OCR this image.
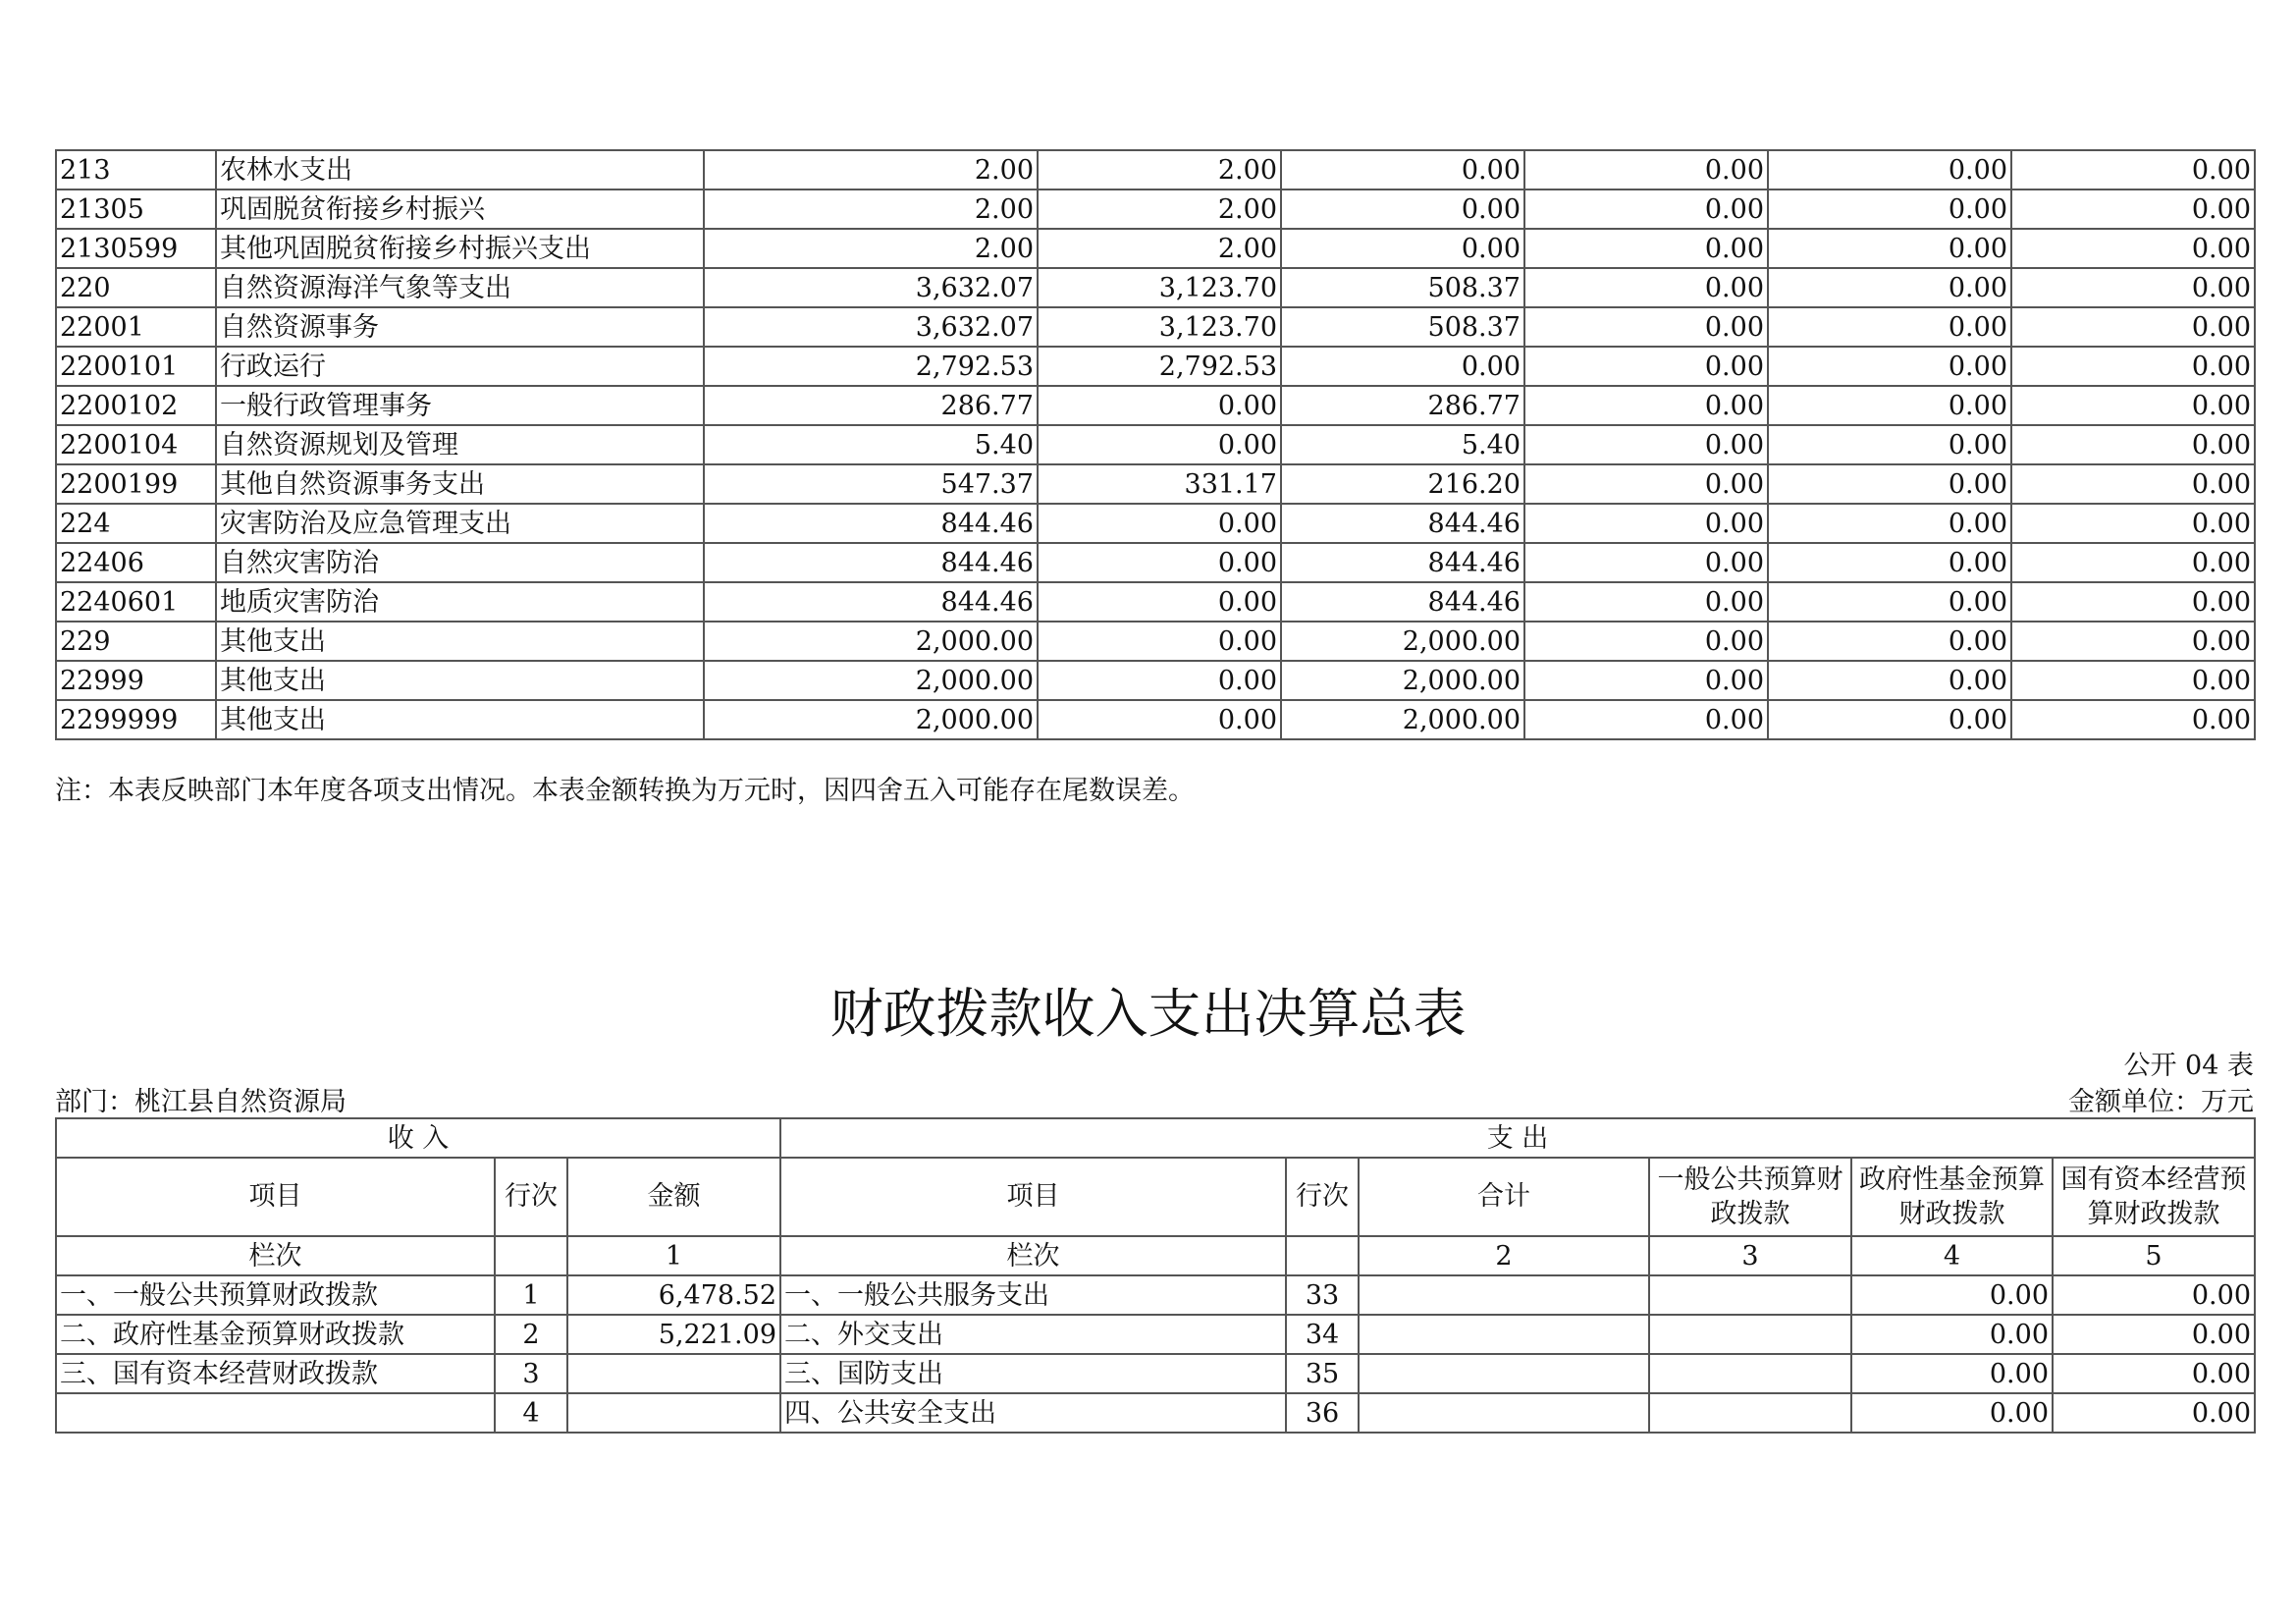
213	农林水支出	2.00	2.00	0.00	0.00	0.00	0.00
21305	巩固脱贫衔接乡村振兴	2.00	2.00	0.00	0.00	0.00	0.00
2130599	其他巩固脱贫衔接乡村振兴支出	2.00	2.00	0.00	0.00	0.00	0.00
220	自然资源海洋气象等支出	3,632.07	3,123.70	508.37	0.00	0.00	0.00
22001	自然资源事务	3,632.07	3,123.70	508.37	0.00	0.00	0.00
2200101	行政运行	2,792.53	2,792.53	0.00	0.00	0.00	0.00
2200102	一般行政管理事务	286.77	0.00	286.77	0.00	0.00	0.00
2200104	自然资源规划及管理	5.40	0.00	5.40	0.00	0.00	0.00
2200199	其他自然资源事务支出	547.37	331.17	216.20	0.00	0.00	0.00
224	灾害防治及应急管理支出	844.46	0.00	844.46	0.00	0.00	0.00
22406	自然灾害防治	844.46	0.00	844.46	0.00	0.00	0.00
2240601	地质灾害防治	844.46	0.00	844.46	0.00	0.00	0.00
229	其他支出	2,000.00	0.00	2,000.00	0.00	0.00	0.00
22999	其他支出	2,000.00	0.00	2,000.00	0.00	0.00	0.00
2299999	其他支出	2,000.00	0.00	2,000.00	0.00	0.00	0.00
注：本表反映部门本年度各项支出情况。本表金额转换为万元时，因四舍五入可能存在尾数误差。
财政拨款收入支出决算总表
公开 04 表
部门：桃江县自然资源局	金额单位：万元
收 入			支 出					
项目	行次	金额	项目	行次	合计	一般公共预算财政拨款	政府性基金预算财政拨款	国有资本经营预算财政拨款
栏次		1	栏次		2	3	4	5
一、一般公共预算财政拨款	1	6,478.52	一、一般公共服务支出	33			0.00	0.00
二、政府性基金预算财政拨款	2	5,221.09	二、外交支出	34			0.00	0.00
三、国有资本经营财政拨款	3		三、国防支出	35			0.00	0.00
	4		四、公共安全支出	36			0.00	0.00
